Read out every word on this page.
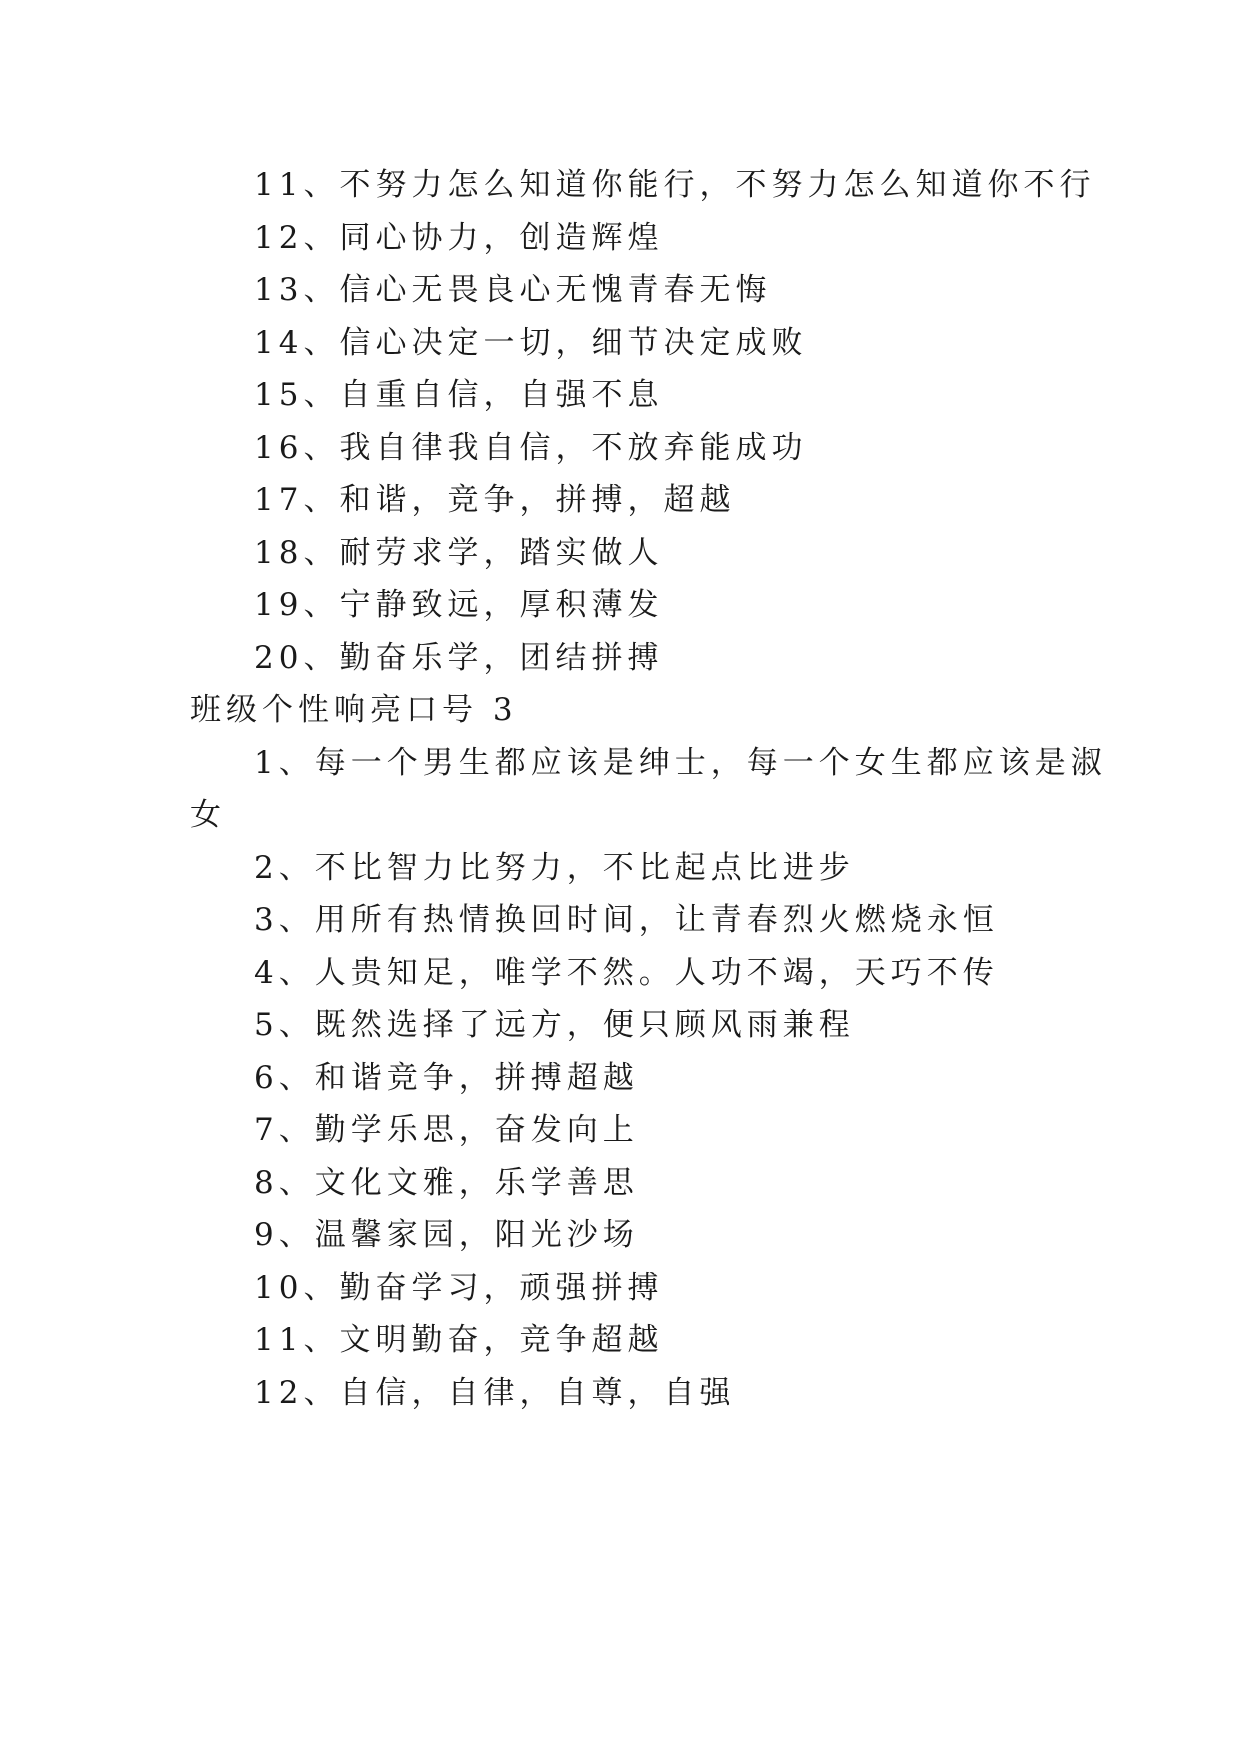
11、不努力怎么知道你能行，不努力怎么知道你不行
12、同心协力，创造辉煌
13、信心无畏良心无愧青春无悔
14、信心决定一切，细节决定成败
15、自重自信，自强不息
16、我自律我自信，不放弃能成功
17、和谐，竞争，拼搏，超越
18、耐劳求学，踏实做人
19、宁静致远，厚积薄发
20、勤奋乐学，团结拼搏
班级个性响亮口号 3
1、每一个男生都应该是绅士，每一个女生都应该是淑
女
2、不比智力比努力，不比起点比进步
3、用所有热情换回时间，让青春烈火燃烧永恒
4、人贵知足，唯学不然。人功不竭，天巧不传
5、既然选择了远方，便只顾风雨兼程
6、和谐竞争，拼搏超越
7、勤学乐思，奋发向上
8、文化文雅，乐学善思
9、温馨家园，阳光沙场
10、勤奋学习，顽强拼搏
11、文明勤奋，竞争超越
12、自信，自律，自尊，自强
